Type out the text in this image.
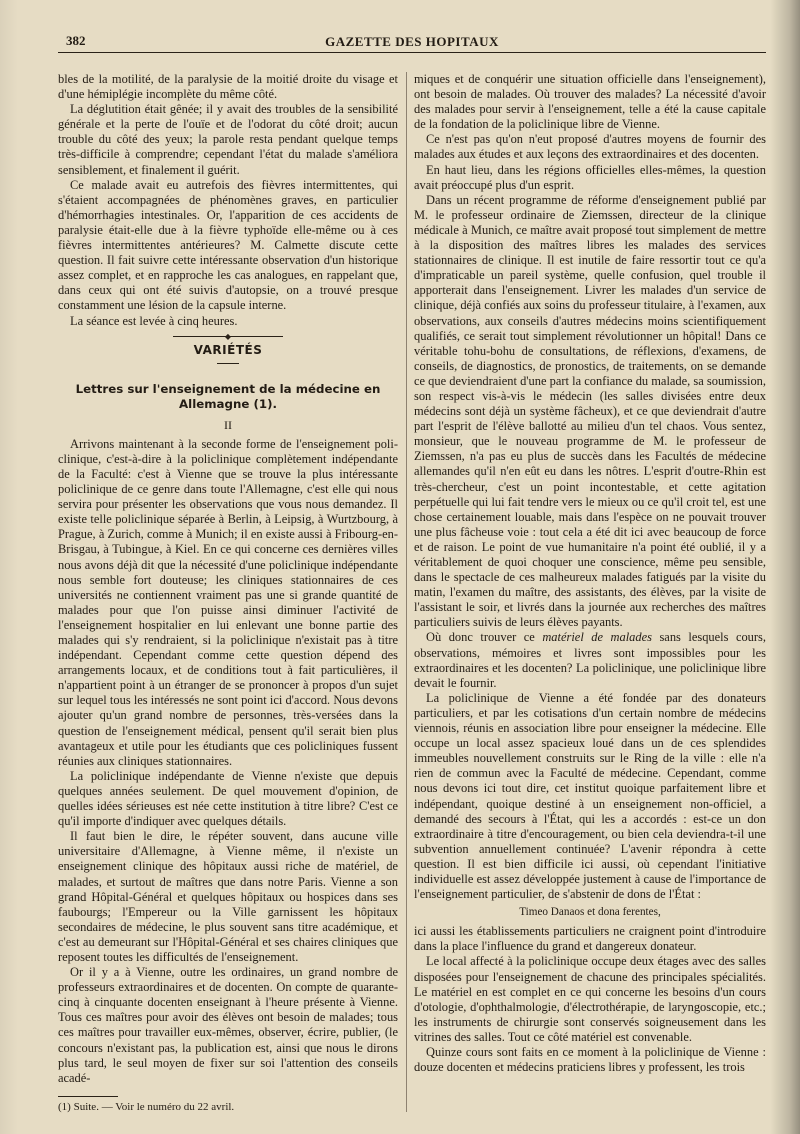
382	GAZETTE DES HOPITAUX

bles de la motilité, de la paralysie de la moitié droite du visage et d'une hémiplégie incomplète du même côté.

La déglutition était gênée; il y avait des troubles de la sensibilité générale et la perte de l'ouïe et de l'odorat du côté droit; aucun trouble du côté des yeux; la parole resta pendant quelque temps très-difficile à comprendre; cependant l'état du malade s'améliora sensiblement, et finalement il guérit.

Ce malade avait eu autrefois des fièvres intermittentes, qui s'étaient accompagnées de phénomènes graves, en particulier d'hémorrhagies intestinales. Or, l'apparition de ces accidents de paralysie était-elle due à la fièvre typhoïde elle-même ou à ces fièvres intermittentes antérieures? M. Calmette discute cette question. Il fait suivre cette intéressante observation d'un historique assez complet, et en rapproche les cas analogues, en rappelant que, dans ceux qui ont été suivis d'autopsie, on a trouvé presque constamment une lésion de la capsule interne.

La séance est levée à cinq heures.

◆
VARIÉTÉS
Lettres sur l'enseignement de la médecine en Allemagne (1).
II

Arrivons maintenant à la seconde forme de l'enseignement poli-clinique, c'est-à-dire à la policlinique complètement indépendante de la Faculté: c'est à Vienne que se trouve la plus intéressante policlinique de ce genre dans toute l'Allemagne, c'est elle qui nous servira pour présenter les observations que vous nous demandez. Il existe telle policlinique séparée à Berlin, à Leipsig, à Wurtzbourg, à Prague, à Zurich, comme à Munich; il en existe aussi à Fribourg-en-Brisgau, à Tubingue, à Kiel. En ce qui concerne ces dernières villes nous avons déjà dit que la nécessité d'une policlinique indépendante nous semble fort douteuse; les cliniques stationnaires de ces universités ne contiennent vraiment pas une si grande quantité de malades pour que l'on puisse ainsi diminuer l'activité de l'enseignement hospitalier en lui enlevant une bonne partie des malades qui s'y rendraient, si la policlinique n'existait pas à titre indépendant. Cependant comme cette question dépend des arrangements locaux, et de conditions tout à fait particulières, il n'appartient point à un étranger de se prononcer à propos d'un sujet sur lequel tous les intéressés ne sont point ici d'accord. Nous devons ajouter qu'un grand nombre de personnes, très-versées dans la question de l'enseignement médical, pensent qu'il serait bien plus avantageux et utile pour les étudiants que ces policliniques fussent réunies aux cliniques stationnaires.

La policlinique indépendante de Vienne n'existe que depuis quelques années seulement. De quel mouvement d'opinion, de quelles idées sérieuses est née cette institution à titre libre? C'est ce qu'il importe d'indiquer avec quelques détails.

Il faut bien le dire, le répéter souvent, dans aucune ville universitaire d'Allemagne, à Vienne même, il n'existe un enseignement clinique des hôpitaux aussi riche de matériel, de malades, et surtout de maîtres que dans notre Paris. Vienne a son grand Hôpital-Général et quelques hôpitaux ou hospices dans ses faubourgs; l'Empereur ou la Ville garnissent les hôpitaux secondaires de médecine, le plus souvent sans titre académique, et c'est au demeurant sur l'Hôpital-Général et ses chaires cliniques que reposent toutes les difficultés de l'enseignement.

Or il y a à Vienne, outre les ordinaires, un grand nombre de professeurs extraordinaires et de docenten. On compte de quarante-cinq à cinquante docenten enseignant à l'heure présente à Vienne. Tous ces maîtres pour avoir des élèves ont besoin de malades; tous ces maîtres pour travailler eux-mêmes, observer, écrire, publier, (le concours n'existant pas, la publication est, ainsi que nous le dirons plus tard, le seul moyen de fixer sur soi l'attention des conseils acadé-

(1) Suite. — Voir le numéro du 22 avril.

miques et de conquérir une situation officielle dans l'enseignement), ont besoin de malades. Où trouver des malades? La nécessité d'avoir des malades pour servir à l'enseignement, telle a été la cause capitale de la fondation de la policlinique libre de Vienne.

Ce n'est pas qu'on n'eut proposé d'autres moyens de fournir des malades aux études et aux leçons des extraordinaires et des docenten.

En haut lieu, dans les régions officielles elles-mêmes, la question avait préoccupé plus d'un esprit.

Dans un récent programme de réforme d'enseignement publié par M. le professeur ordinaire de Ziemssen, directeur de la clinique médicale à Munich, ce maître avait proposé tout simplement de mettre à la disposition des maîtres libres les malades des services stationnaires de clinique. Il est inutile de faire ressortir tout ce qu'a d'impraticable un pareil système, quelle confusion, quel trouble il apporterait dans l'enseignement. Livrer les malades d'un service de clinique, déjà confiés aux soins du professeur titulaire, à l'examen, aux observations, aux conseils d'autres médecins moins scientifiquement qualifiés, ce serait tout simplement révolutionner un hôpital! Dans ce véritable tohu-bohu de consultations, de réflexions, d'examens, de conseils, de diagnostics, de pronostics, de traitements, on se demande ce que deviendraient d'une part la confiance du malade, sa soumission, son respect vis-à-vis le médecin (les salles divisées entre deux médecins sont déjà un système fâcheux), et ce que deviendrait d'autre part l'esprit de l'élève ballotté au milieu d'un tel chaos. Vous sentez, monsieur, que le nouveau programme de M. le professeur de Ziemssen, n'a pas eu plus de succès dans les Facultés de médecine allemandes qu'il n'en eût eu dans les nôtres. L'esprit d'outre-Rhin est très-chercheur, c'est un point incontestable, et cette agitation perpétuelle qui lui fait tendre vers le mieux ou ce qu'il croit tel, est une chose certainement louable, mais dans l'espèce on ne pouvait trouver une plus fâcheuse voie : tout cela a été dit ici avec beaucoup de force et de raison. Le point de vue humanitaire n'a point été oublié, il y a véritablement de quoi choquer une conscience, même peu sensible, dans le spectacle de ces malheureux malades fatigués par la visite du matin, l'examen du maître, des assistants, des élèves, par la visite de l'assistant le soir, et livrés dans la journée aux recherches des maîtres particuliers suivis de leurs élèves payants.

Où donc trouver ce matériel de malades sans lesquels cours, observations, mémoires et livres sont impossibles pour les extraordinaires et les docenten? La policlinique, une policlinique libre devait le fournir.

La policlinique de Vienne a été fondée par des donateurs particuliers, et par les cotisations d'un certain nombre de médecins viennois, réunis en association libre pour enseigner la médecine. Elle occupe un local assez spacieux loué dans un de ces splendides immeubles nouvellement construits sur le Ring de la ville : elle n'a rien de commun avec la Faculté de médecine. Cependant, comme nous devons ici tout dire, cet institut quoique parfaitement libre et indépendant, quoique destiné à un enseignement non-officiel, a demandé des secours à l'État, qui les a accordés : est-ce un don extraordinaire à titre d'encouragement, ou bien cela deviendra-t-il une subvention annuellement continuée? L'avenir répondra à cette question. Il est bien difficile ici aussi, où cependant l'initiative individuelle est assez développée justement à cause de l'importance de l'enseignement particulier, de s'abstenir de dons de l'État :

Timeo Danaos et dona ferentes,

ici aussi les établissements particuliers ne craignent point d'introduire dans la place l'influence du grand et dangereux donateur.

Le local affecté à la policlinique occupe deux étages avec des salles disposées pour l'enseignement de chacune des principales spécialités. Le matériel en est complet en ce qui concerne les besoins d'un cours d'otologie, d'ophthalmologie, d'électrothérapie, de laryngoscopie, etc.; les instruments de chirurgie sont conservés soigneusement dans les vitrines des salles. Tout ce côté matériel est convenable.

Quinze cours sont faits en ce moment à la policlinique de Vienne : douze docenten et médecins praticiens libres y professent, les trois
